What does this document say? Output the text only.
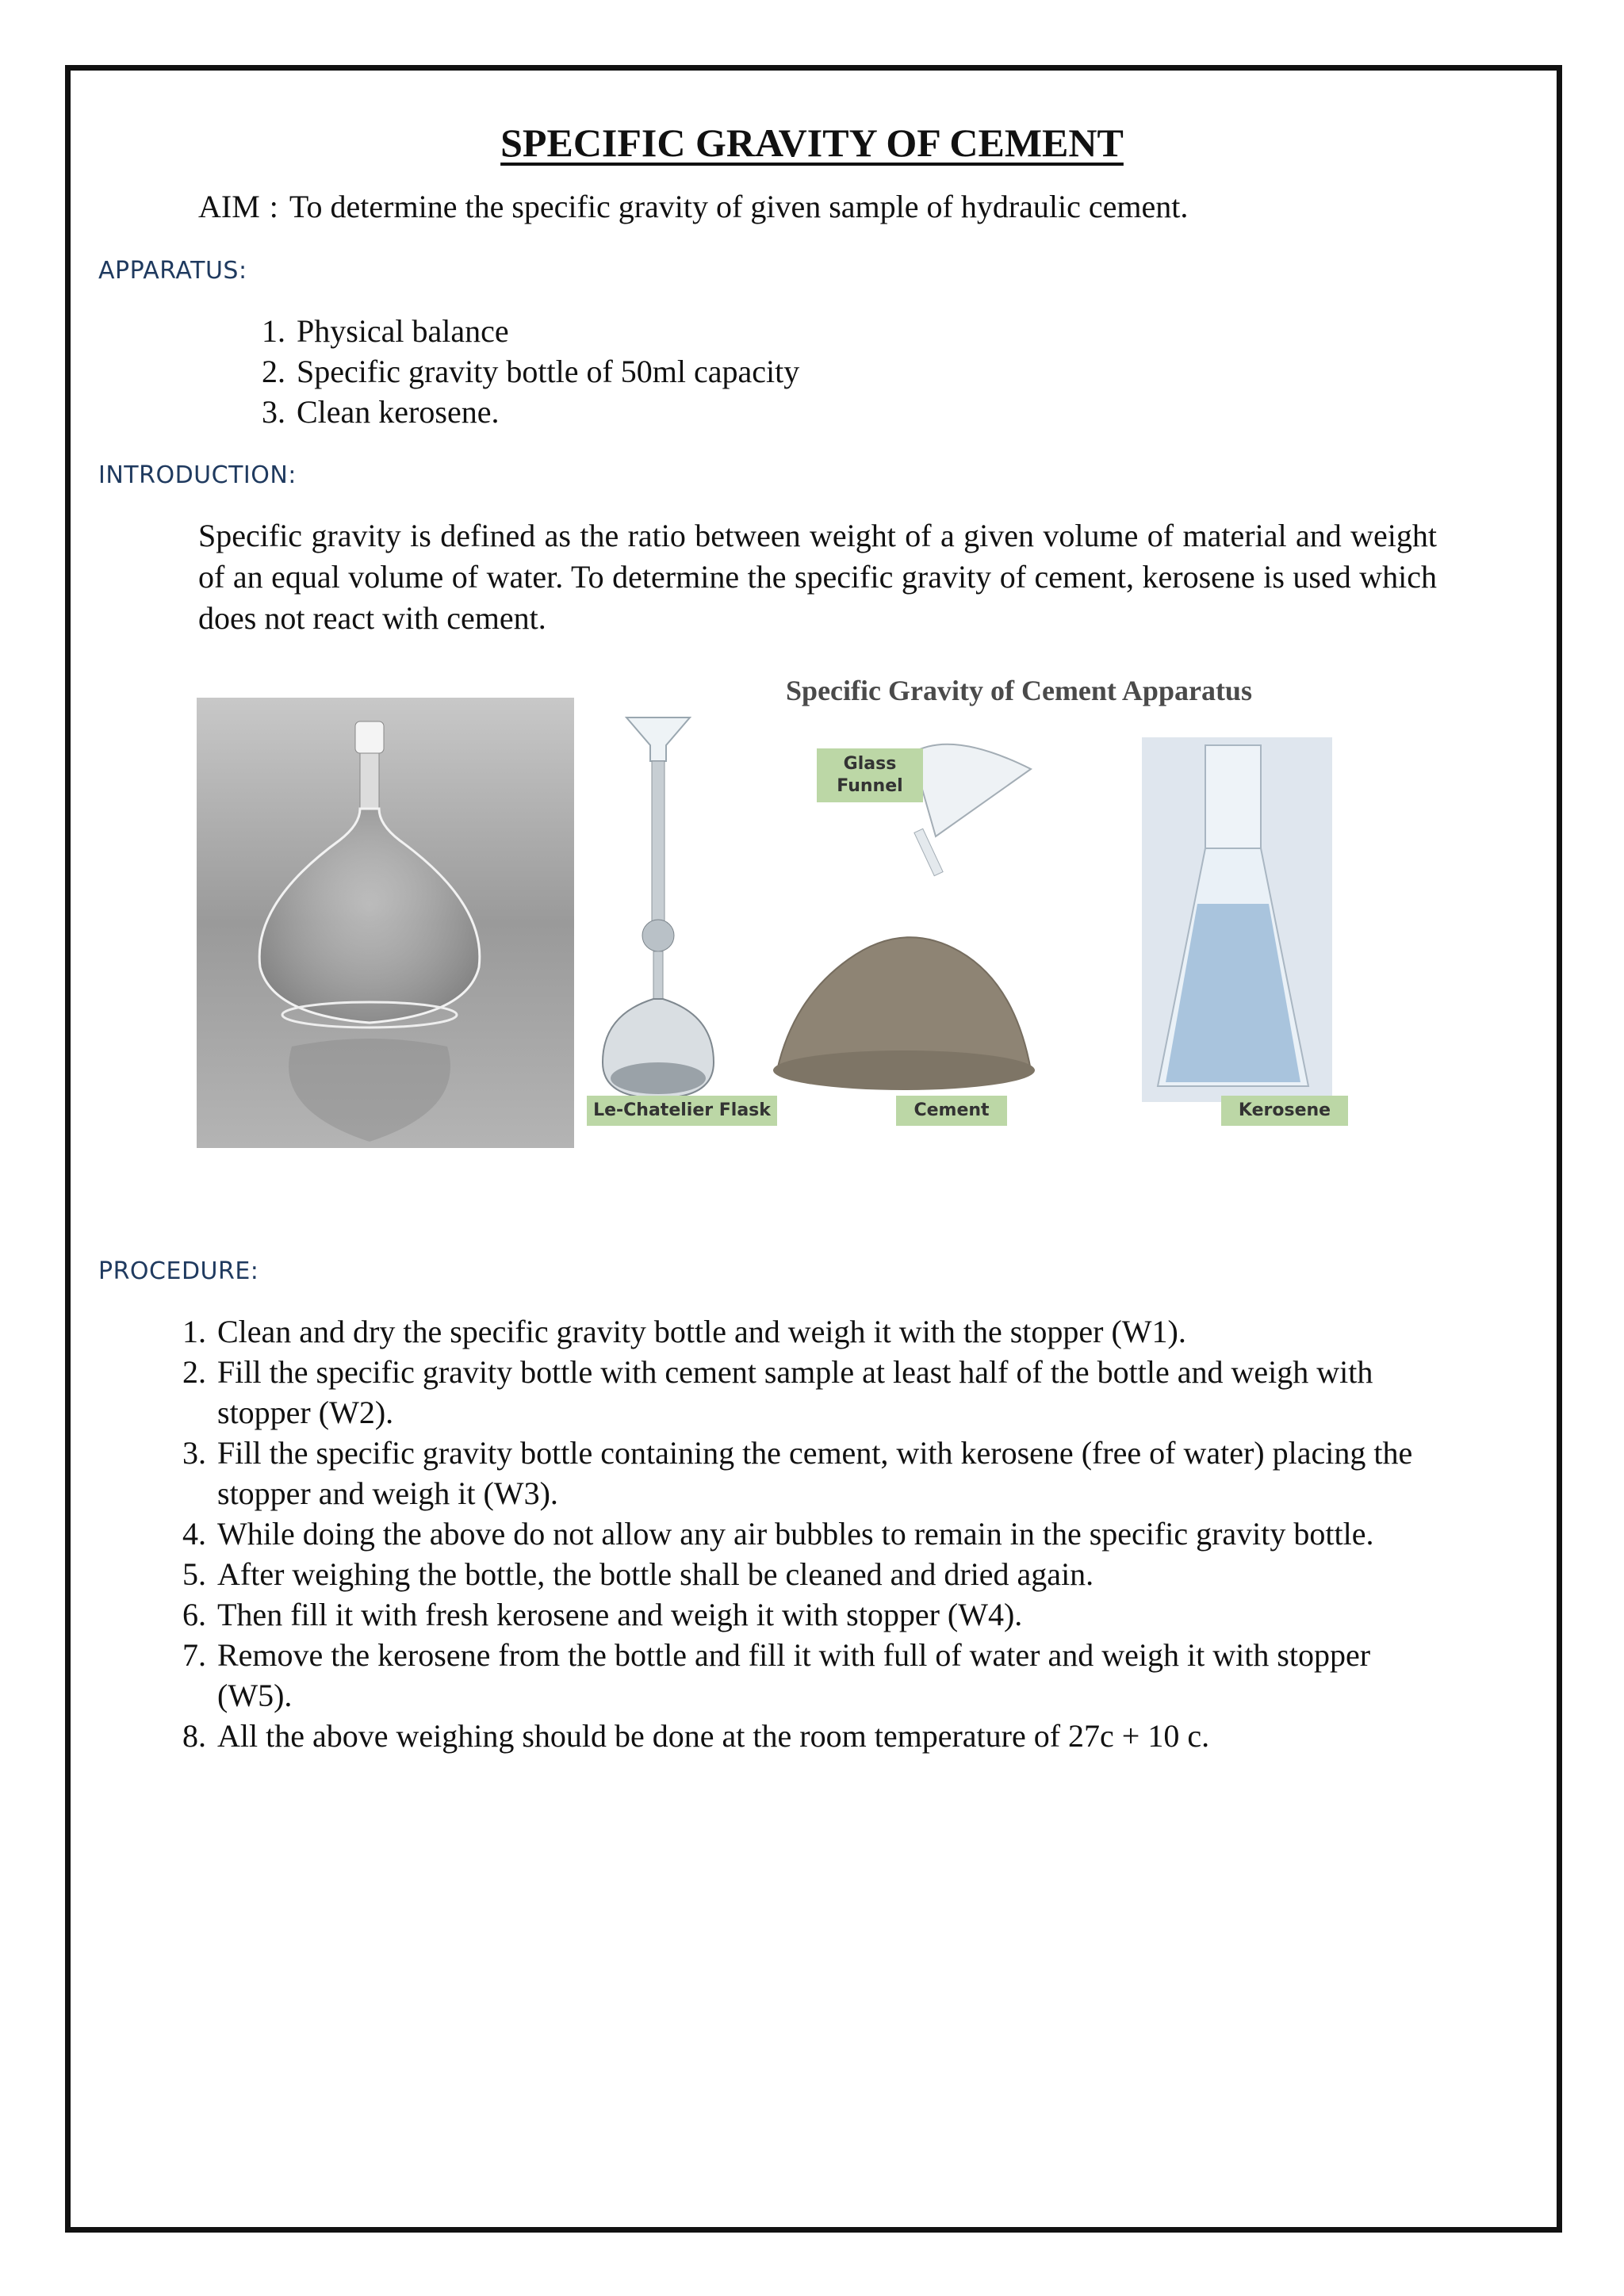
SPECIFIC GRAVITY OF CEMENT
AIM : To determine the specific gravity of given sample of hydraulic cement.
APPARATUS:
1. Physical balance
2. Specific gravity bottle of 50ml capacity
3. Clean kerosene.
INTRODUCTION:
Specific gravity is defined as the ratio between weight of a given volume of material and weight of an equal volume of water. To determine the specific gravity of cement, kerosene is used which does not react with cement.
Specific Gravity of Cement Apparatus
Glass Funnel
Le-Chatelier Flask	Cement	Kerosene
PROCEDURE:
1. Clean and dry the specific gravity bottle and weigh it with the stopper (W1).
2. Fill the specific gravity bottle with cement sample at least half of the bottle and weigh with stopper (W2).
3. Fill the specific gravity bottle containing the cement, with kerosene (free of water) placing the stopper and weigh it (W3).
4. While doing the above do not allow any air bubbles to remain in the specific gravity bottle.
5. After weighing the bottle, the bottle shall be cleaned and dried again.
6. Then fill it with fresh kerosene and weigh it with stopper (W4).
7. Remove the kerosene from the bottle and fill it with full of water and weigh it with stopper (W5).
8. All the above weighing should be done at the room temperature of 27c + 10 c.
